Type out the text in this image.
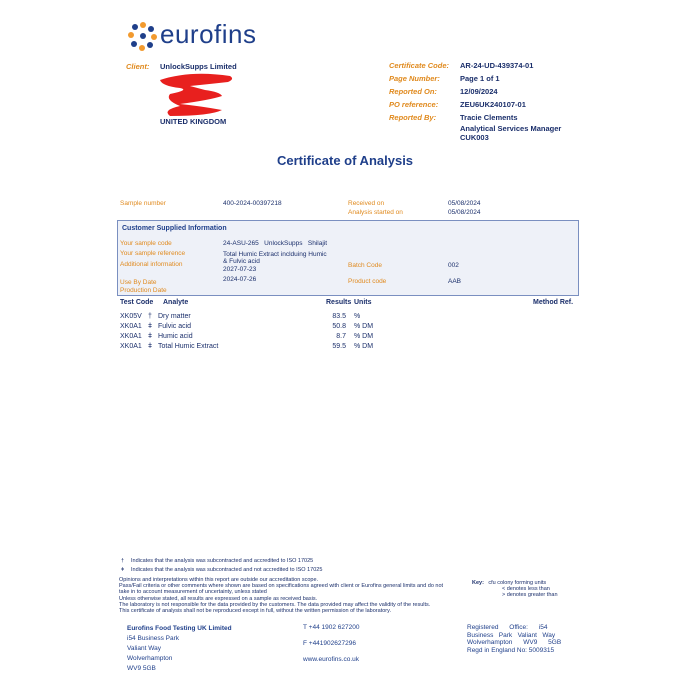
eurofins
Client: UnlockSupps Limited
UNITED KINGDOM
Certificate Code: AR-24-UD-439374-01
Page Number:	Page 1 of 1
Reported On:	12/09/2024
PO reference:	ZEU6UK240107-01
Reported By:	Tracie Clements
Analytical Services Manager
CUK003
Certificate of Analysis
Sample number	400-2024-00397218	Received on	05/08/2024
Analysis started on	05/08/2024
Customer Supplied Information
Your sample code	24-ASU-265   UnlockSupps   Shilajit
Your sample reference	Total Humic Extract inclduing Humic
& Fulvic acid
Additional information
2027-07-23
Batch Code	002
Use By Date	2024-07-26	Product code	AAB
Production Date
Test Code Analyte	Results Units	Method Ref.
XK05V † Dry matter	83.5 %
XK0A1 ǂ Fulvic acid	50.8 % DM
XK0A1 ǂ Humic acid	8.7 % DM
XK0A1 ǂ Total Humic Extract	59.5 % DM
† Indicates that the analysis was subcontracted and accredited to ISO 17025
ǂ Indicates that the analysis was subcontracted and not accredited to ISO 17025
Opinions and interpretations within this report are outside our accreditation scope.
Pass/Fail criteria or other comments where shown are based on specifications agreed with client or Eurofins general limits and do not
take in to account measurement of uncertainty, unless stated
Unless otherwise stated, all results are expressed on a sample as received basis.
The laboratory is not responsible for the data provided by the customers. The data provided may affect the validity of the results.
This certificate of analysis shall not be reproduced except in full, without the written permission of the laboratory.
Key: cfu colony forming units
< denotes less than
> denotes greater than
Eurofins Food Testing UK Limited
i54 Business Park
Valiant Way
Wolverhampton
WV9 5GB
T +44 1902 627200
F +441902627296
www.eurofins.co.uk
Registered      Office:      i54
Business   Park   Valiant   Way
Wolverhampton      WV9      5GB
Regd in England No: 5009315
